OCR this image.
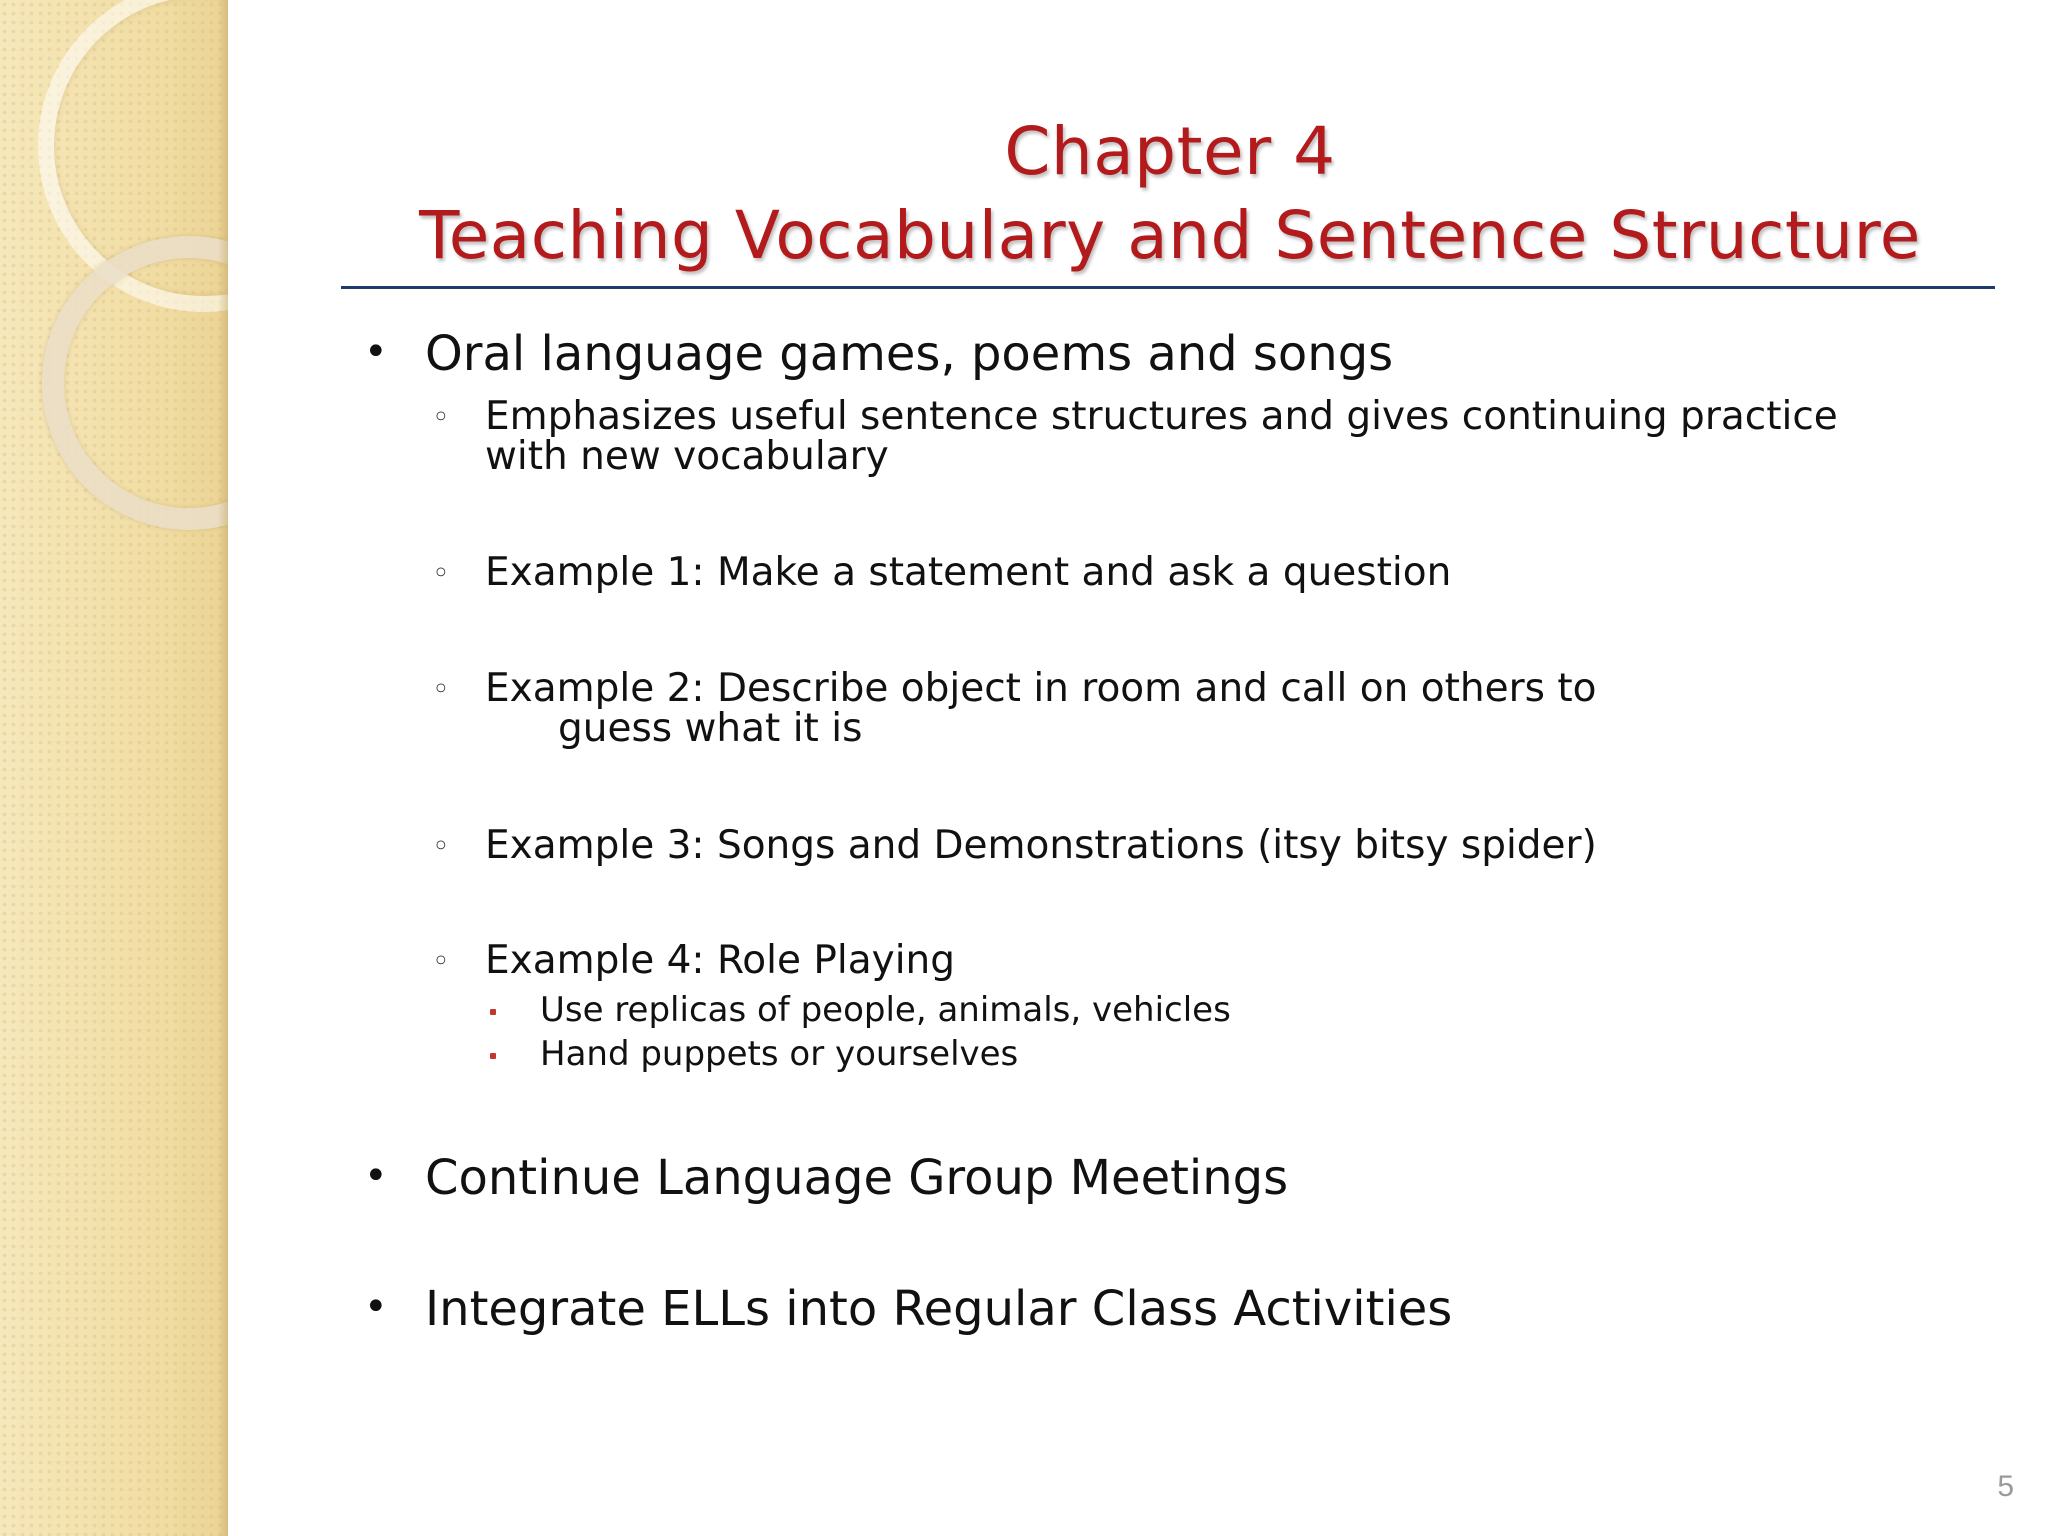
Chapter 4
Teaching Vocabulary and Sentence Structure
• Oral language games, poems and songs
◦ Emphasizes useful sentence structures and gives continuing practice
with new vocabulary
◦ Example 1: Make a statement and ask a question
◦ Example 2: Describe object in room and call on others to
guess what it is
◦ Example 3: Songs and Demonstrations (itsy bitsy spider)
◦ Example 4: Role Playing
Use replicas of people, animals, vehicles
Hand puppets or yourselves
• Continue Language Group Meetings
• Integrate ELLs into Regular Class Activities
5
